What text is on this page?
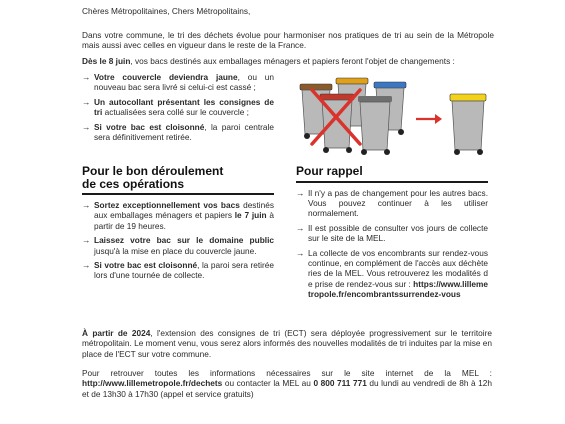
Chères Métropolitaines, Chers Métropolitains,
Dans votre commune, le tri des déchets évolue pour harmoniser nos pratiques de tri au sein de la Métropole mais aussi avec celles en vigueur dans le reste de la France.
Dès le 8 juin, vos bacs destinés aux emballages ménagers et papiers feront l'objet de changements :
→ Votre couvercle deviendra jaune, ou un nouveau bac sera livré si celui-ci est cassé ;
→ Un autocollant présentant les consignes de tri actualisées sera collé sur le couvercle ;
→ Si votre bac est cloisonné, la paroi centrale sera définitivement retirée.
Pour le bon déroulement
de ces opérations
→ Sortez exceptionnellement vos bacs destinés aux emballages ménagers et papiers le 7 juin à partir de 19 heures.
→ Laissez votre bac sur le domaine public jusqu'à la mise en place du couvercle jaune.
→ Si votre bac est cloisonné, la paroi sera retirée lors d'une tournée de collecte.
Pour rappel
→ Il n'y a pas de changement pour les autres bacs. Vous pouvez continuer à les utiliser normalement.
→ Il est possible de consulter vos jours de collecte sur le site de la MEL.
→ La collecte de vos encombrants sur rendez-vous continue, en complément de l'accès aux déchèteries de la MEL. Vous retrouverez les modalités de prise de rendez-vous sur : https://www.lillemetropole.fr/encombrantssurrendez-vous
À partir de 2024, l'extension des consignes de tri (ECT) sera déployée progressivement sur le territoire métropolitain. Le moment venu, vous serez alors informés des nouvelles modalités de tri induites par la mise en place de l'ECT sur votre commune.
Pour retrouver toutes les informations nécessaires sur le site internet de la MEL : http://www.lillemetropole.fr/dechets ou contacter la MEL au 0 800 711 771 du lundi au vendredi de 8h à 12h et de 13h30 à 17h30 (appel et service gratuits)
